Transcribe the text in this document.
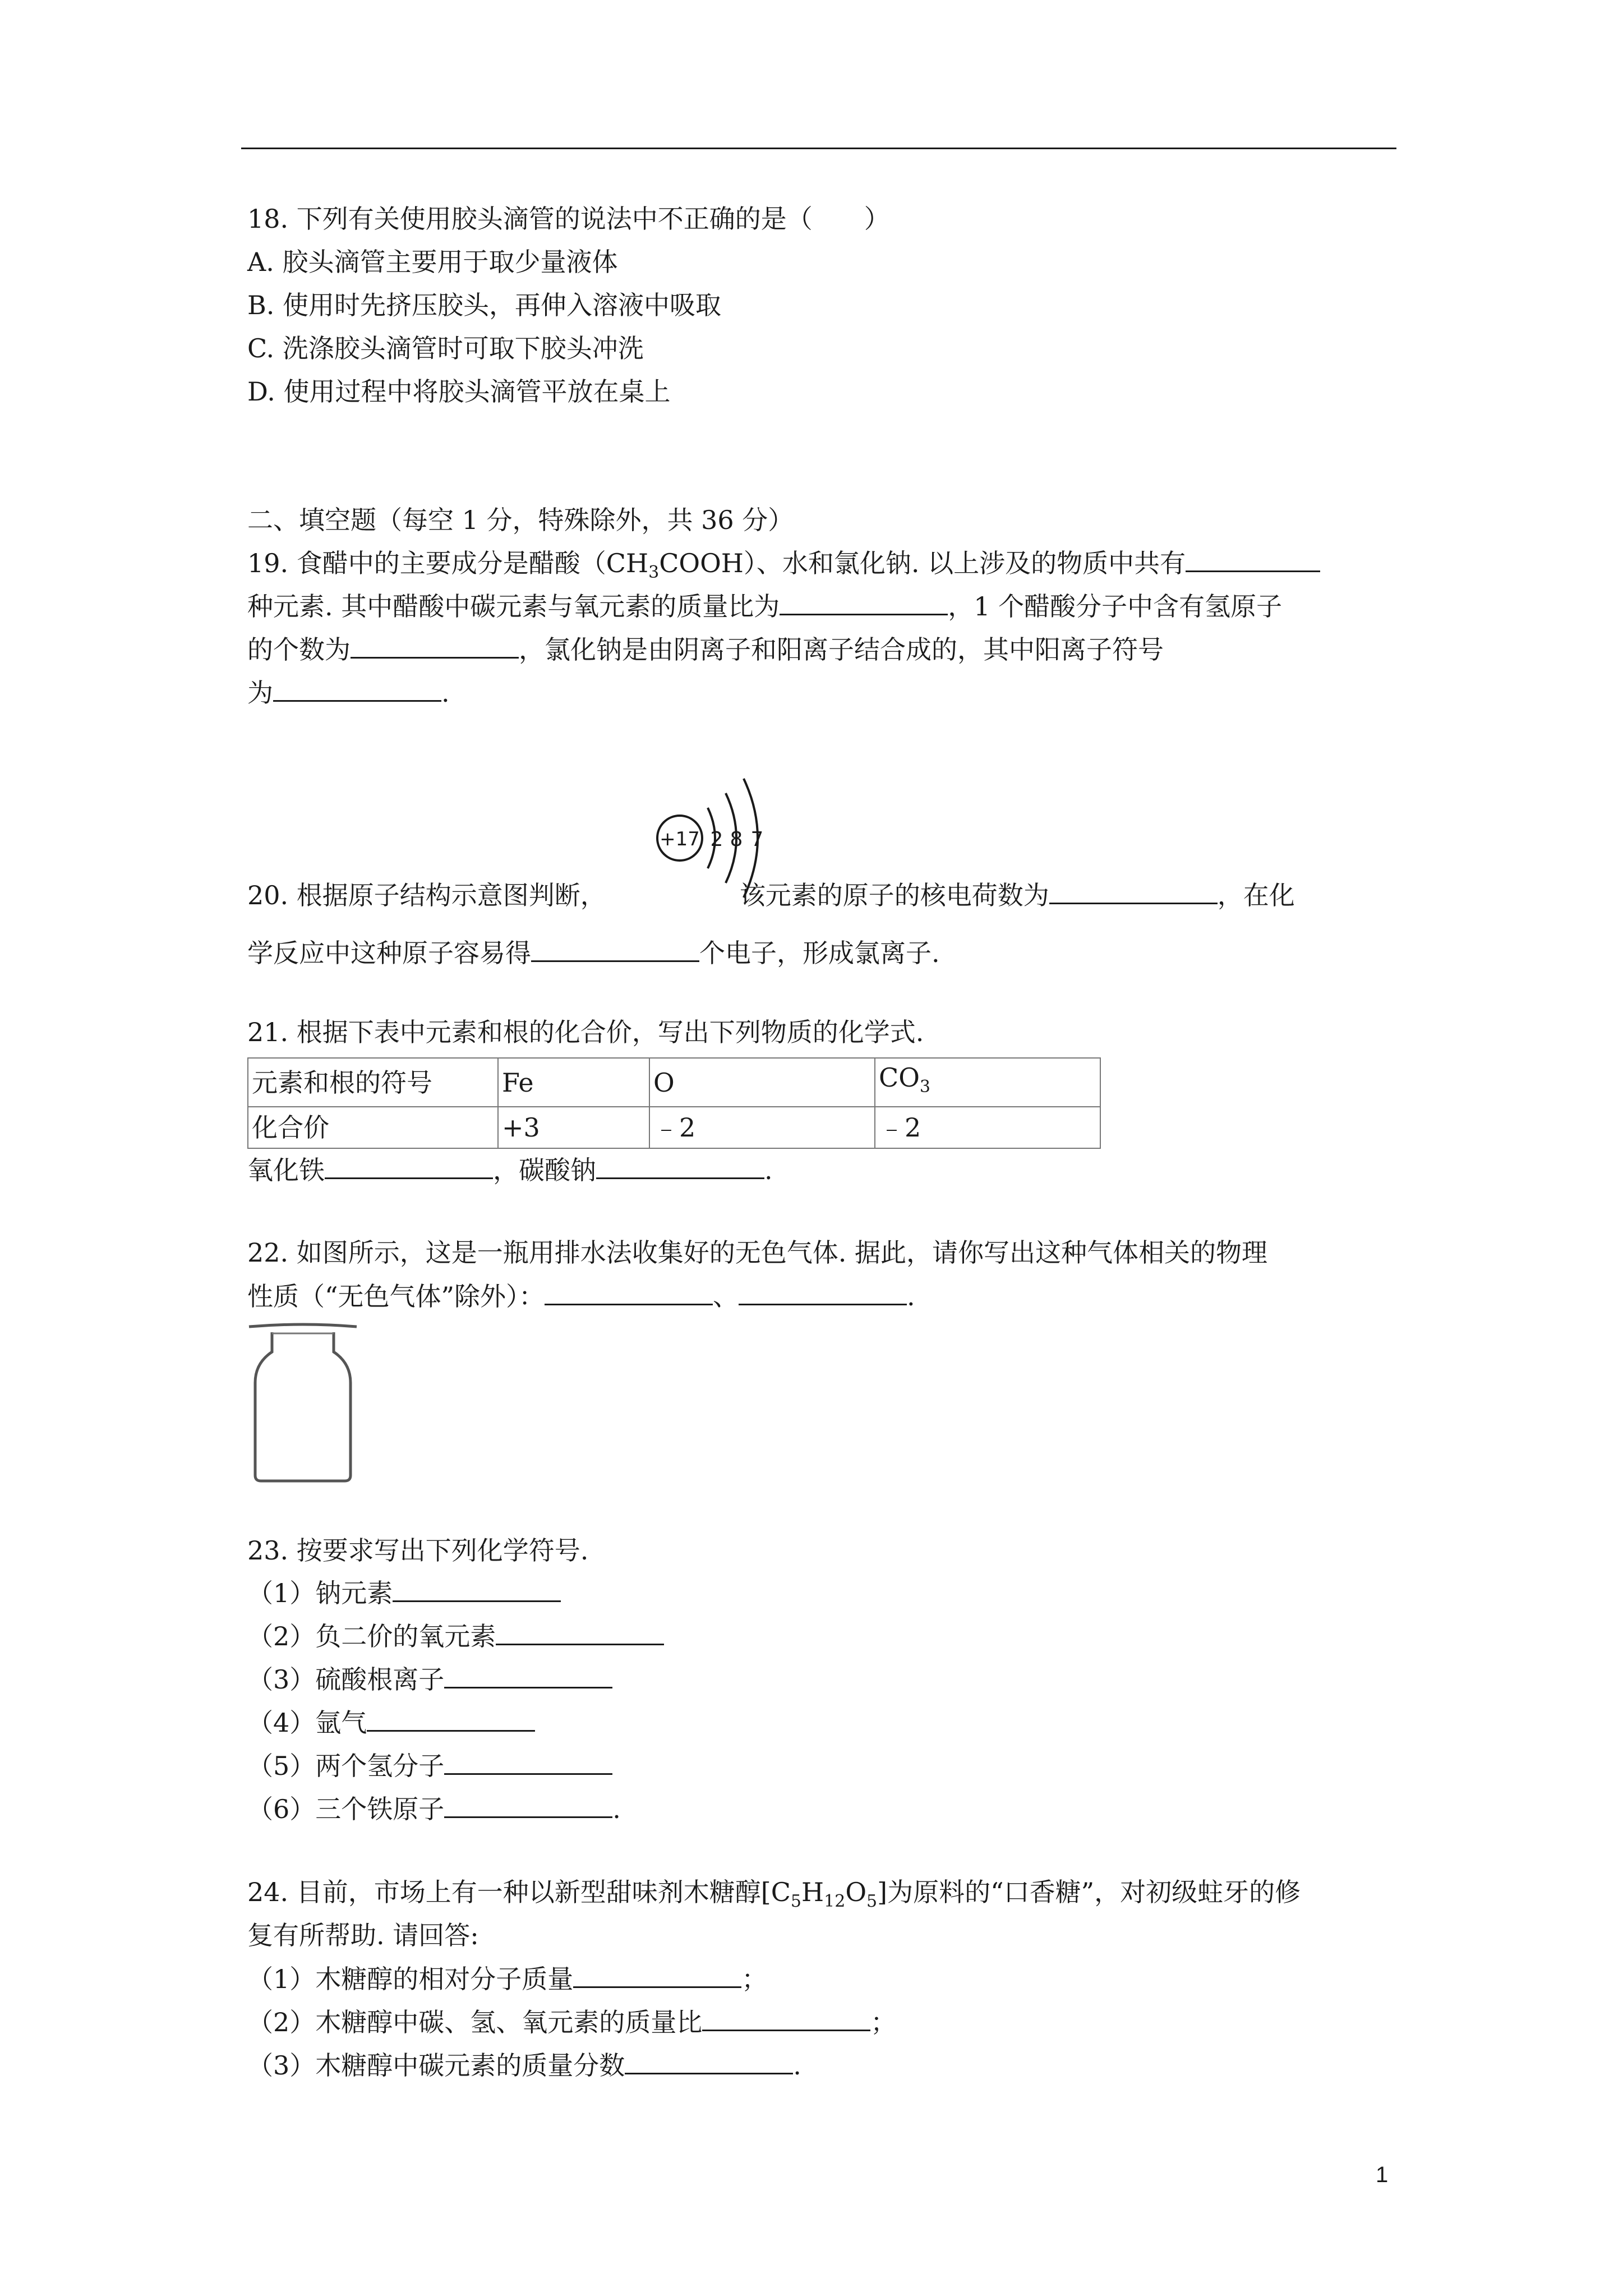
18. 下列有关使用胶头滴管的说法中不正确的是（　　）
A. 胶头滴管主要用于取少量液体
B. 使用时先挤压胶头，再伸入溶液中吸取
C. 洗涤胶头滴管时可取下胶头冲洗
D. 使用过程中将胶头滴管平放在桌上
二、填空题（每空 1 分，特殊除外，共 36 分）
19. 食醋中的主要成分是醋酸$(CH_3COOH)$、水和氯化钠. 以上涉及的物质中共有
种元素. 其中醋酸中碳元素与氧元素的质量比为	，1 个醋酸分子中含有氢原子
的个数为	，氯化钠是由阴离子和阳离子结合成的，其中阳离子符号
为	.
+17 2 8 7
20. 根据原子结构示意图判断，	该元素的原子的核电荷数为	，在化
学反应中这种原子容易得	个电子，形成氯离子.
21. 根据下表中元素和根的化合价，写出下列物质的化学式.
元素和根的符号	Fe	O	$CO_3$
化合价	+3	﹣2	﹣2
氧化铁	，碳酸钠	.
22. 如图所示，这是一瓶用排水法收集好的无色气体. 据此，请你写出这种气体相关的物理
性质（“无色气体”除外）：	、	.
23. 按要求写出下列化学符号.
（1）钠元素
（2）负二价的氧元素
（3）硫酸根离子
（4）氩气
（5）两个氢分子
（6）三个铁原子	.
24. 目前，市场上有一种以新型甜味剂木糖醇$[C_5H_{12}O_5]$为原料的“口香糖”，对初级蛀牙的修
复有所帮助. 请回答:
（1）木糖醇的相对分子质量	；
（2）木糖醇中碳、氢、氧元素的质量比	；
（3）木糖醇中碳元素的质量分数	.
1
